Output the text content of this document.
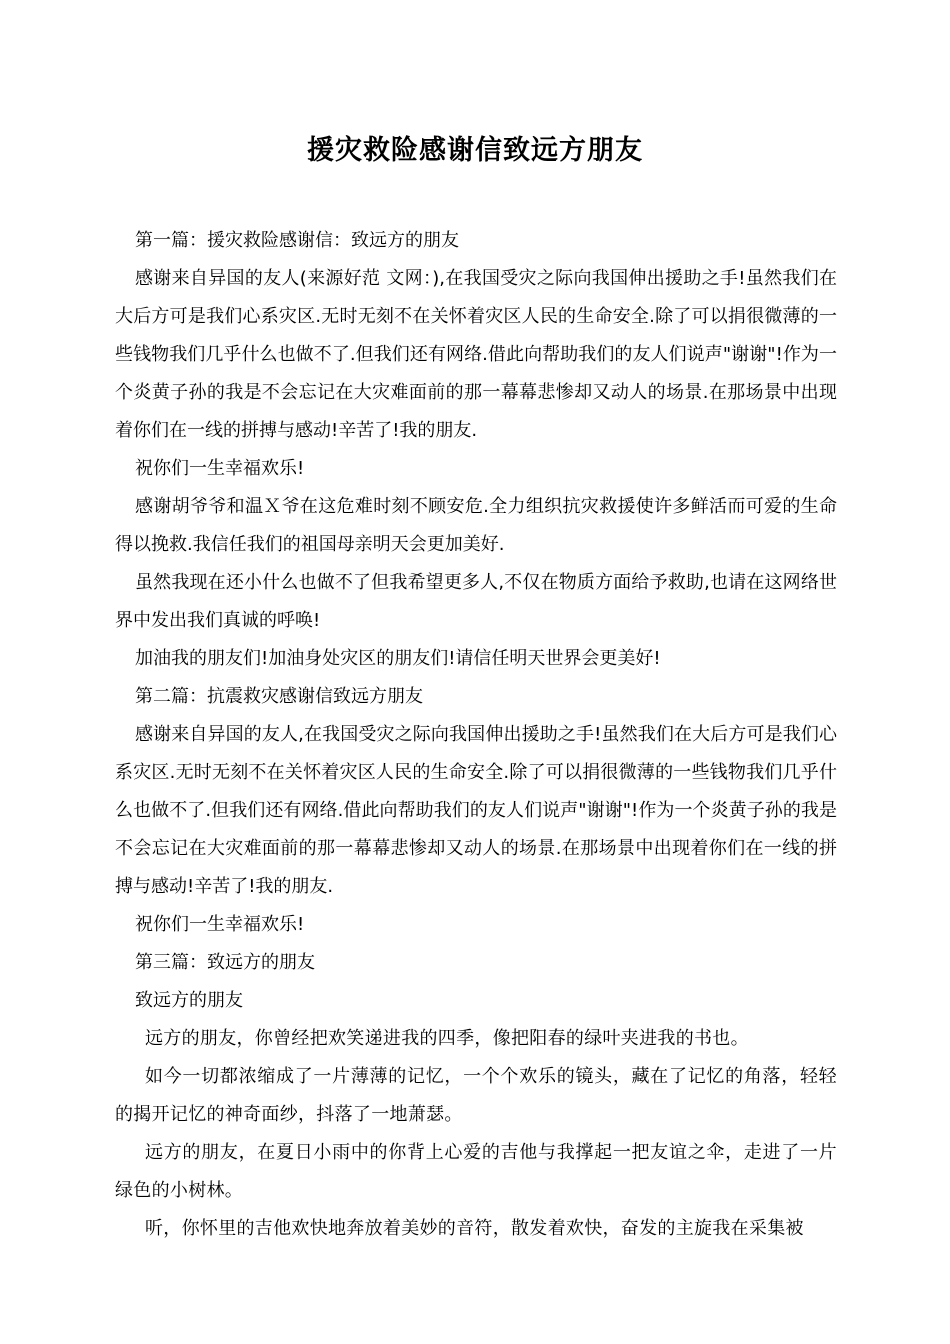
援灾救险感谢信致远方朋友

第一篇：援灾救险感谢信：致远方的朋友

感谢来自异国的友人(来源好范 文网：),在我国受灾之际向我国伸出援助之手!虽然我们在大后方可是我们心系灾区.无时无刻不在关怀着灾区人民的生命安全.除了可以捐很微薄的一些钱物我们几乎什么也做不了.但我们还有网络.借此向帮助我们的友人们说声"谢谢"!作为一个炎黄子孙的我是不会忘记在大灾难面前的那一幕幕悲惨却又动人的场景.在那场景中出现着你们在一线的拼搏与感动!辛苦了!我的朋友.

祝你们一生幸福欢乐!

感谢胡爷爷和温Ｘ爷在这危难时刻不顾安危.全力组织抗灾救援使许多鲜活而可爱的生命得以挽救.我信任我们的祖国母亲明天会更加美好.

虽然我现在还小什么也做不了但我希望更多人,不仅在物质方面给予救助,也请在这网络世界中发出我们真诚的呼唤!

加油我的朋友们!加油身处灾区的朋友们!请信任明天世界会更美好!

第二篇：抗震救灾感谢信致远方朋友

感谢来自异国的友人,在我国受灾之际向我国伸出援助之手!虽然我们在大后方可是我们心系灾区.无时无刻不在关怀着灾区人民的生命安全.除了可以捐很微薄的一些钱物我们几乎什么也做不了.但我们还有网络.借此向帮助我们的友人们说声"谢谢"!作为一个炎黄子孙的我是不会忘记在大灾难面前的那一幕幕悲惨却又动人的场景.在那场景中出现着你们在一线的拼搏与感动!辛苦了!我的朋友.

祝你们一生幸福欢乐!

第三篇：致远方的朋友

致远方的朋友

远方的朋友，你曾经把欢笑递进我的四季，像把阳春的绿叶夹进我的书也。

如今一切都浓缩成了一片薄薄的记忆，一个个欢乐的镜头，藏在了记忆的角落，轻轻的揭开记忆的神奇面纱，抖落了一地萧瑟。

远方的朋友，在夏日小雨中的你背上心爱的吉他与我撑起一把友谊之伞，走进了一片绿色的小树林。

听，你怀里的吉他欢快地奔放着美妙的音符，散发着欢快，奋发的主旋我在采集被
